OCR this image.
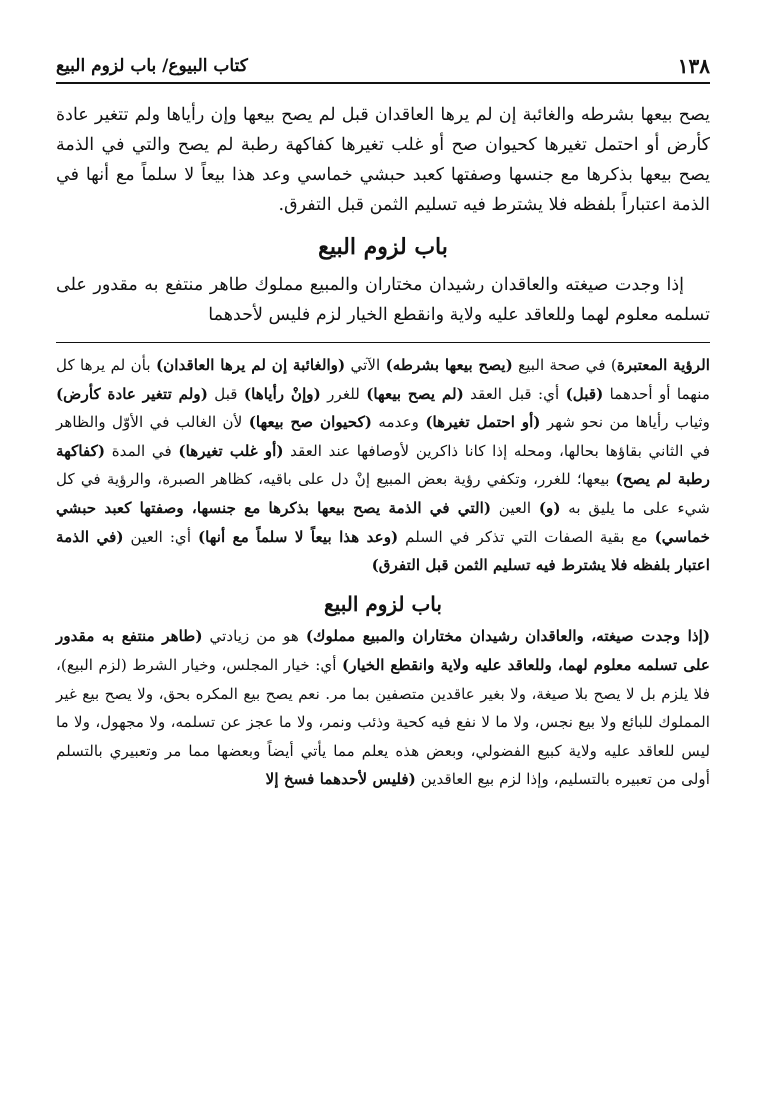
١٣٨
كتاب البيوع/ باب لزوم البيع

يصح بيعها بشرطه والغائبة إن لم يرها العاقدان قبل لم يصح بيعها وإن رأياها ولم تتغير عادة كأرض أو احتمل تغيرها كحيوان صح أو غلب تغيرها كفاكهة رطبة لم يصح والتي في الذمة يصح بيعها بذكرها مع جنسها وصفتها كعبد حبشي خماسي وعد هذا بيعاً لا سلماً مع أنها في الذمة اعتباراً بلفظه فلا يشترط فيه تسليم الثمن قبل التفرق.

باب لزوم البيع

إذا وجدت صيغته والعاقدان رشيدان مختاران والمبيع مملوك طاهر منتفع به مقدور على تسلمه معلوم لهما وللعاقد عليه ولاية وانقطع الخيار لزم فليس لأحدهما

الرؤية المعتبرة) في صحة البيع (يصح بيعها بشرطه) الآتي (والغائبة إن لم يرها العاقدان) بأن لم يرها كل منهما أو أحدهما (قبل) أي: قبل العقد (لم يصح بيعها) للغرر (وإنْ رأياها) قبل (ولم تتغير عادة كأرض) وثياب رأياها من نحو شهر (أو احتمل تغيرها) وعدمه (كحيوان صح بيعها) لأن الغالب في الأوّل والظاهر في الثاني بقاؤها بحالها، ومحله إذا كانا ذاكرين لأوصافها عند العقد (أو غلب تغيرها) في المدة (كفاكهة رطبة لم يصح) بيعها؛ للغرر، وتكفي رؤية بعض المبيع إنْ دل على باقيه، كظاهر الصبرة، والرؤية في كل شيء على ما يليق به (و) العين (التي في الذمة يصح بيعها بذكرها مع جنسها، وصفتها كعبد حبشي خماسي) مع بقية الصفات التي تذكر في السلم (وعد هذا بيعاً لا سلماً مع أنها) أي: العين (في الذمة اعتبار بلفظه فلا يشترط فيه تسليم الثمن قبل التفرق)

باب لزوم البيع

(إذا وجدت صيغته، والعاقدان رشيدان مختاران والمبيع مملوك) هو من زيادتي (طاهر منتفع به مقدور على تسلمه معلوم لهما، وللعاقد عليه ولاية وانقطع الخيار) أي: خيار المجلس، وخيار الشرط (لزم البيع)، فلا يلزم بل لا يصح بلا صيغة، ولا بغير عاقدين متصفين بما مر. نعم يصح بيع المكره بحق، ولا يصح بيع غير المملوك للبائع ولا بيع نجس، ولا ما لا نفع فيه كحية وذئب ونمر، ولا ما عجز عن تسلمه، ولا مجهول، ولا ما ليس للعاقد عليه ولاية كبيع الفضولي، وبعض هذه يعلم مما يأتي أيضاً وبعضها مما مر وتعبيري بالتسلم أولى من تعبيره بالتسليم، وإذا لزم بيع العاقدين (فليس لأحدهما فسخ إلا
